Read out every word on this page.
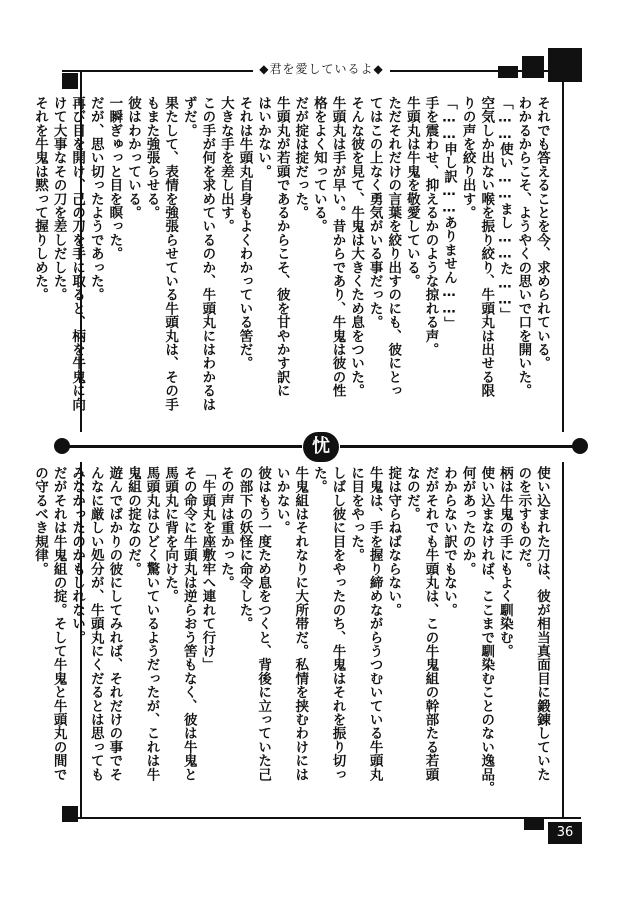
◆君を愛しているよ◆
それでも答えることを今、求められている。
わかるからこそ、ようやくの思いで口を開いた。
「……使い……まし……た……」
空気しか出ない喉を振り絞り、牛頭丸は出せる限
りの声を絞り出す。
「……申し訳……ありません……」
手を震わせ、抑えるかのような掠れる声。
牛頭丸は牛鬼を敬愛している。
ただそれだけの言葉を絞り出すのにも、彼にとっ
てはこの上なく勇気がいる事だった。
そんな彼を見て、牛鬼は大きくため息をついた。
牛頭丸は手が早い。昔からであり、牛鬼は彼の性
格をよく知っている。
だが掟は掟だった。
牛頭丸が若頭であるからこそ、彼を甘やかす訳に
はいかない。
それは牛頭丸自身もよくわかっている筈だ。
大きな手を差し出す。
この手が何を求めているのか、牛頭丸にはわかるは
ずだ。
果たして、表情を強張らせている牛頭丸は、その手
もまた強張らせる。
彼はわかっている。
一瞬ぎゅっと目を瞑った。
だが、思い切ったようであった。
再び目を開け、己の刀を手に取ると、柄を牛鬼に向
けて大事なその刀を差しだした。
それを牛鬼は黙って握りしめた。
忧
使い込まれた刀は、彼が相当真面目に鍛錬していた
のを示すものだ。
柄は牛鬼の手にもよく馴染む。
使い込まなければ、ここまで馴染むことのない逸品。
何があったのか。
わからない訳でもない。
だがそれでも牛頭丸は、この牛鬼組の幹部たる若頭
なのだ。
掟は守らねばならない。
牛鬼は、手を握り締めながらうつむいている牛頭丸
に目をやった。
しばし彼に目をやったのち、牛鬼はそれを振り切っ
た。
牛鬼組はそれなりに大所帯だ。私情を挟むわけには
いかない。
彼はもう一度ため息をつくと、背後に立っていた己
の部下の妖怪に命令した。
その声は重かった。
「牛頭丸を座敷牢へ連れて行け」
その命令に牛頭丸は逆らおう筈もなく、彼は牛鬼と
馬頭丸に背を向けた。
馬頭丸はひどく驚いているようだったが、これは牛
鬼組の掟なのだ。
遊んでばかりの彼にしてみれば、それだけの事でそ
んなに厳しい処分が、牛頭丸にくだるとは思っても
みなかったのかもしれない。
だがそれは牛鬼組の掟。そして牛鬼と牛頭丸の間で
の守るべき規律。
36
